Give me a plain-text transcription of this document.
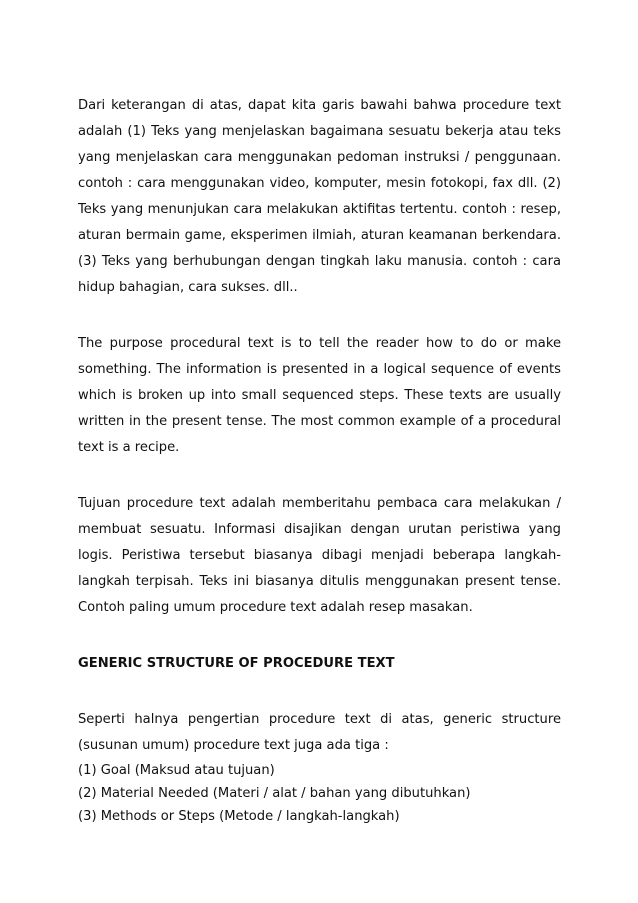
Dari keterangan di atas, dapat kita garis bawahi bahwa procedure text adalah (1) Teks yang menjelaskan bagaimana sesuatu bekerja atau teks yang menjelaskan cara menggunakan pedoman instruksi / penggunaan. contoh : cara menggunakan video, komputer, mesin fotokopi, fax dll. (2) Teks yang menunjukan cara melakukan aktifitas tertentu. contoh : resep, aturan bermain game, eksperimen ilmiah, aturan keamanan berkendara. (3) Teks yang berhubungan dengan tingkah laku manusia. contoh : cara hidup bahagian, cara sukses. dll..

The purpose procedural text is to tell the reader how to do or make something. The information is presented in a logical sequence of events which is broken up into small sequenced steps. These texts are usually written in the present tense. The most common example of a procedural text is a recipe.

Tujuan procedure text adalah memberitahu pembaca cara melakukan / membuat sesuatu. Informasi disajikan dengan urutan peristiwa yang logis. Peristiwa tersebut biasanya dibagi menjadi beberapa langkah-langkah terpisah. Teks ini biasanya ditulis menggunakan present tense. Contoh paling umum procedure text adalah resep masakan.

GENERIC STRUCTURE OF PROCEDURE TEXT

Seperti halnya pengertian procedure text di atas, generic structure (susunan umum) procedure text juga ada tiga :

(1) Goal (Maksud atau tujuan)

(2) Material Needed (Materi / alat / bahan yang dibutuhkan)

(3) Methods or Steps (Metode / langkah-langkah)
